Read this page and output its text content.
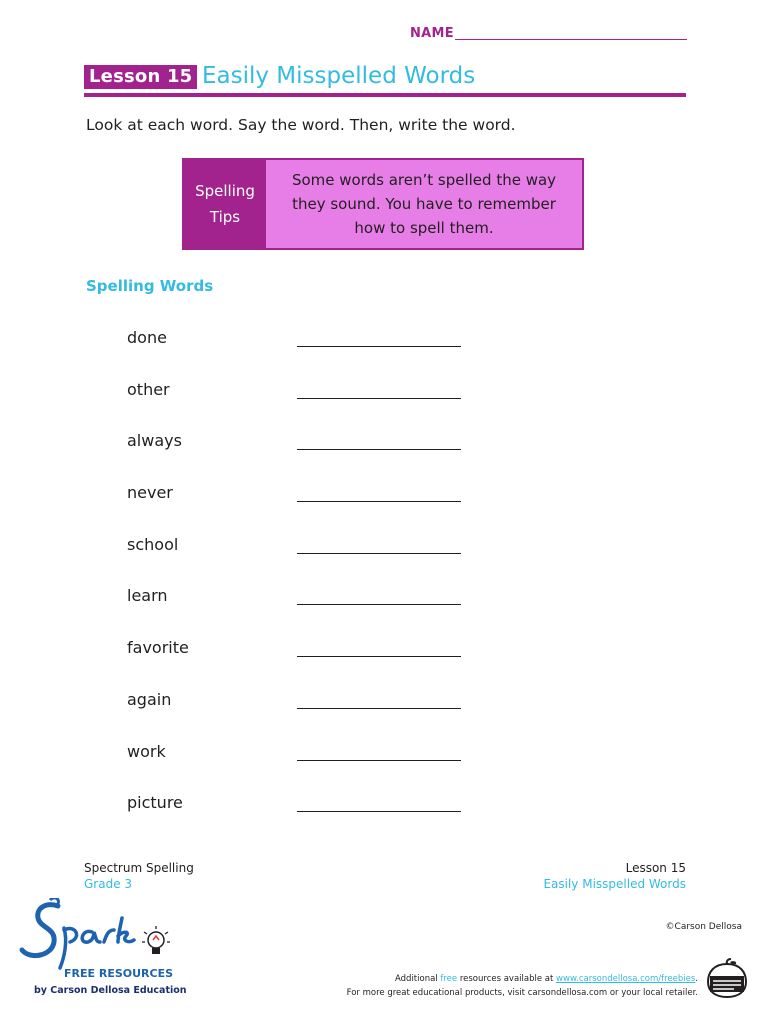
NAME
Lesson 15 Easily Misspelled Words
Look at each word. Say the word. Then, write the word.
Spelling
Tips
Some words aren’t spelled the way they sound. You have to remember how to spell them.
Spelling Words
done
other
always
never
school
learn
favorite
again
work
picture
Spectrum Spelling
Grade 3
Lesson 15
Easily Misspelled Words
©Carson Dellosa
FREE RESOURCES
by Carson Dellosa Education
Additional free resources available at www.carsondellosa.com/freebies.
For more great educational products, visit carsondellosa.com or your local retailer.
